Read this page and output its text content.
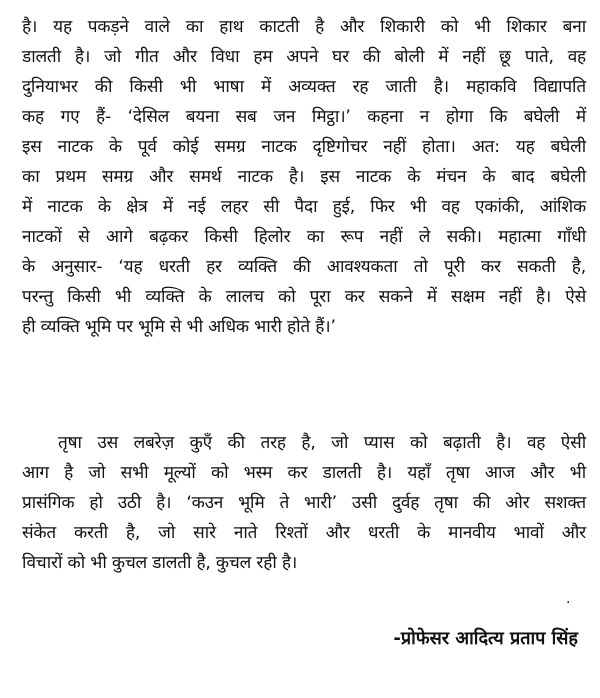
है। यह पकड़ने वाले का हाथ काटती है और शिकारी को भी शिकार बना
डालती है। जो गीत और विधा हम अपने घर की बोली में नहीं छू पाते, वह
दुनियाभर की किसी भी भाषा में अव्यक्त रह जाती है। महाकवि विद्यापति
कह गए हैं- ‘देसिल बयना सब जन मिट्ठा।’ कहना न होगा कि बघेली में
इस नाटक के पूर्व कोई समग्र नाटक दृष्टिगोचर नहीं होता। अत: यह बघेली
का प्रथम समग्र और समर्थ नाटक है। इस नाटक के मंचन के बाद बघेली
में नाटक के क्षेत्र में नई लहर सी पैदा हुई, फिर भी वह एकांकी, आंशिक
नाटकों से आगे बढ़कर किसी हिलोर का रूप नहीं ले सकी। महात्मा गाँधी
के अनुसार- ‘यह धरती हर व्यक्ति की आवश्यकता तो पूरी कर सकती है,
परन्तु किसी भी व्यक्ति के लालच को पूरा कर सकने में सक्षम नहीं है। ऐसे
ही व्यक्ति भूमि पर भूमि से भी अधिक भारी होते हैं।’
तृषा उस लबरेज़ कुएँ की तरह है, जो प्यास को बढ़ाती है। वह ऐसी
आग है जो सभी मूल्यों को भस्म कर डालती है। यहाँ तृषा आज और भी
प्रासंगिक हो उठी है। ‘कउन भूमि ते भारी’ उसी दुर्वह तृषा की ओर सशक्त
संकेत करती है, जो सारे नाते रिश्तों और धरती के मानवीय भावों और
विचारों को भी कुचल डालती है, कुचल रही है।
.
-प्रोफेसर आदित्य प्रताप सिंह
